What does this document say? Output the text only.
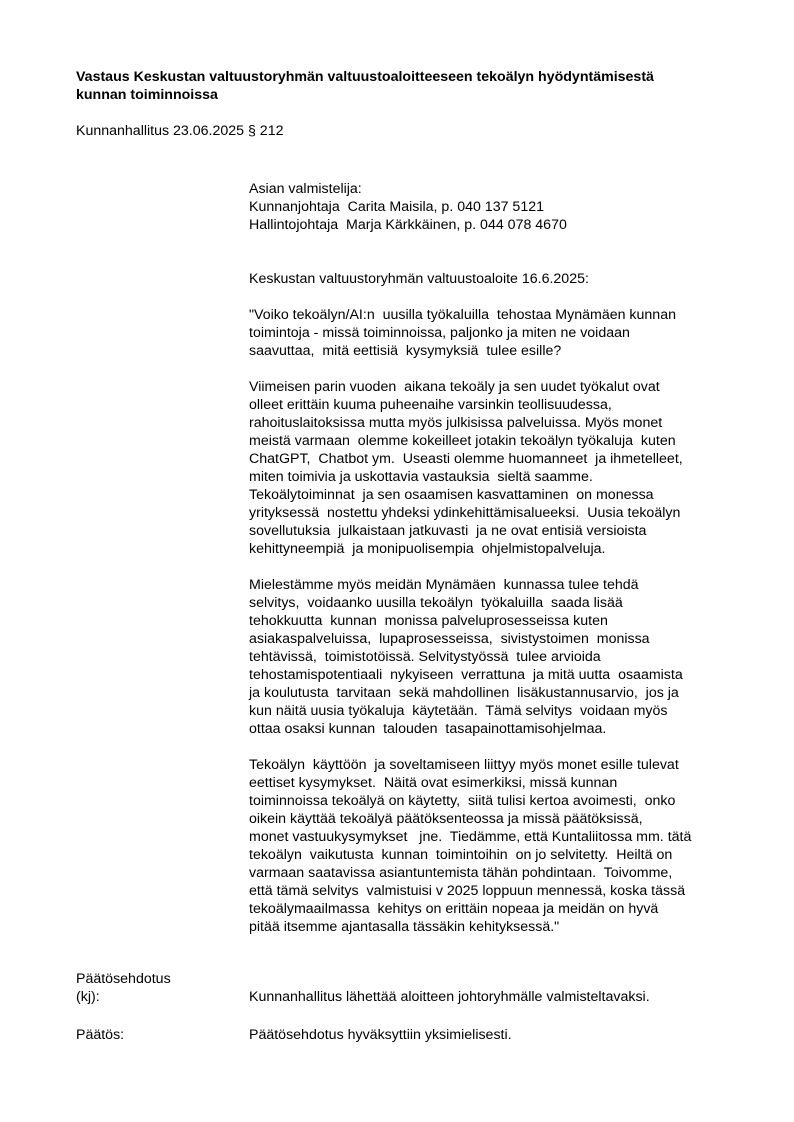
Vastaus Keskustan valtuustoryhmän valtuustoaloitteeseen tekoälyn hyödyntämisestä
kunnan toiminnoissa
Kunnanhallitus 23.06.2025 § 212
Asian valmistelija:
Kunnanjohtaja  Carita Maisila, p. 040 137 5121
Hallintojohtaja  Marja Kärkkäinen, p. 044 078 4670
Keskustan valtuustoryhmän valtuustoaloite 16.6.2025:

"Voiko tekoälyn/AI:n  uusilla työkaluilla  tehostaa Mynämäen kunnan
toimintoja - missä toiminnoissa, paljonko ja miten ne voidaan
saavuttaa,  mitä eettisiä  kysymyksiä  tulee esille?

Viimeisen parin vuoden  aikana tekoäly ja sen uudet työkalut ovat
olleet erittäin kuuma puheenaihe varsinkin teollisuudessa,
rahoituslaitoksissa mutta myös julkisissa palveluissa. Myös monet
meistä varmaan  olemme kokeilleet jotakin tekoälyn työkaluja  kuten
ChatGPT,  Chatbot ym.  Useasti olemme huomanneet  ja ihmetelleet,
miten toimivia ja uskottavia vastauksia  sieltä saamme.
Tekoälytoiminnat  ja sen osaamisen kasvattaminen  on monessa
yrityksessä  nostettu yhdeksi ydinkehittämisalueeksi.  Uusia tekoälyn
sovellutuksia  julkaistaan jatkuvasti  ja ne ovat entisiä versioista
kehittyneempiä  ja monipuolisempia  ohjelmistopalveluja.

Mielestämme myös meidän Mynämäen  kunnassa tulee tehdä
selvitys,  voidaanko uusilla tekoälyn  työkaluilla  saada lisää
tehokkuutta  kunnan  monissa palveluprosesseissa kuten
asiakaspalveluissa,  lupaprosesseissa,  sivistystoimen  monissa
tehtävissä,  toimistotöissä. Selvitystyössä  tulee arvioida
tehostamispotentiaali  nykyiseen  verrattuna  ja mitä uutta  osaamista
ja koulutusta  tarvitaan  sekä mahdollinen  lisäkustannusarvio,  jos ja
kun näitä uusia työkaluja  käytetään.  Tämä selvitys  voidaan myös
ottaa osaksi kunnan  talouden  tasapainottamisohjelmaa.

Tekoälyn  käyttöön  ja soveltamiseen liittyy myös monet esille tulevat
eettiset kysymykset.  Näitä ovat esimerkiksi, missä kunnan
toiminnoissa tekoälyä on käytetty,  siitä tulisi kertoa avoimesti,  onko
oikein käyttää tekoälyä päätöksenteossa ja missä päätöksissä,
monet vastuukysymykset   jne.  Tiedämme, että Kuntaliitossa mm. tätä
tekoälyn  vaikutusta  kunnan  toimintoihin  on jo selvitetty.  Heiltä on
varmaan saatavissa asiantuntemista tähän pohdintaan.  Toivomme,
että tämä selvitys  valmistuisi v 2025 loppuun mennessä, koska tässä
tekoälymaailmassa  kehitys on erittäin nopeaa ja meidän on hyvä
pitää itsemme ajantasalla tässäkin kehityksessä."

Päätösehdotus
(kj):	Kunnanhallitus lähettää aloitteen johtoryhmälle valmisteltavaksi.
Päätös:	Päätösehdotus hyväksyttiin yksimielisesti.
